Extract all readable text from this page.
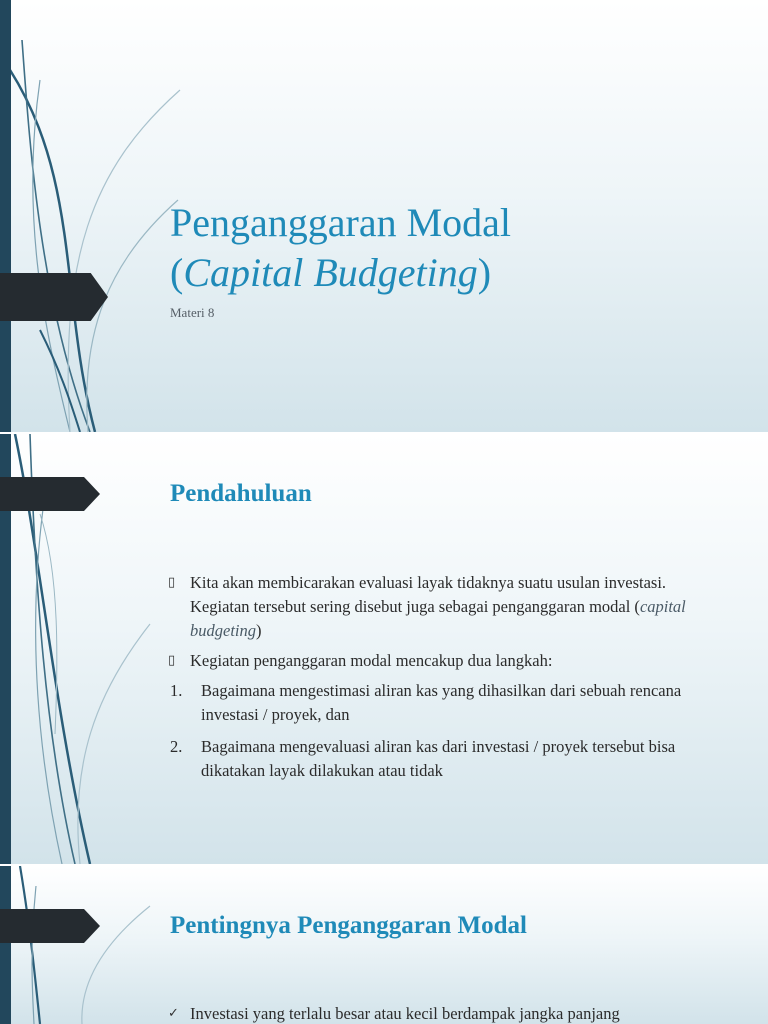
Penganggaran Modal
(Capital Budgeting)

Materi 8

Pendahuluan
▯ Kita akan membicarakan evaluasi layak tidaknya suatu usulan investasi. Kegiatan tersebut sering disebut juga sebagai penganggaran modal (capital budgeting)
▯ Kegiatan penganggaran modal mencakup dua langkah:
1. Bagaimana mengestimasi aliran kas yang dihasilkan dari sebuah rencana investasi / proyek, dan
2. Bagaimana mengevaluasi aliran kas dari investasi / proyek tersebut bisa dikatakan layak dilakukan atau tidak
Pentingnya Penganggaran Modal
✓ Investasi yang terlalu besar atau kecil berdampak jangka panjang
